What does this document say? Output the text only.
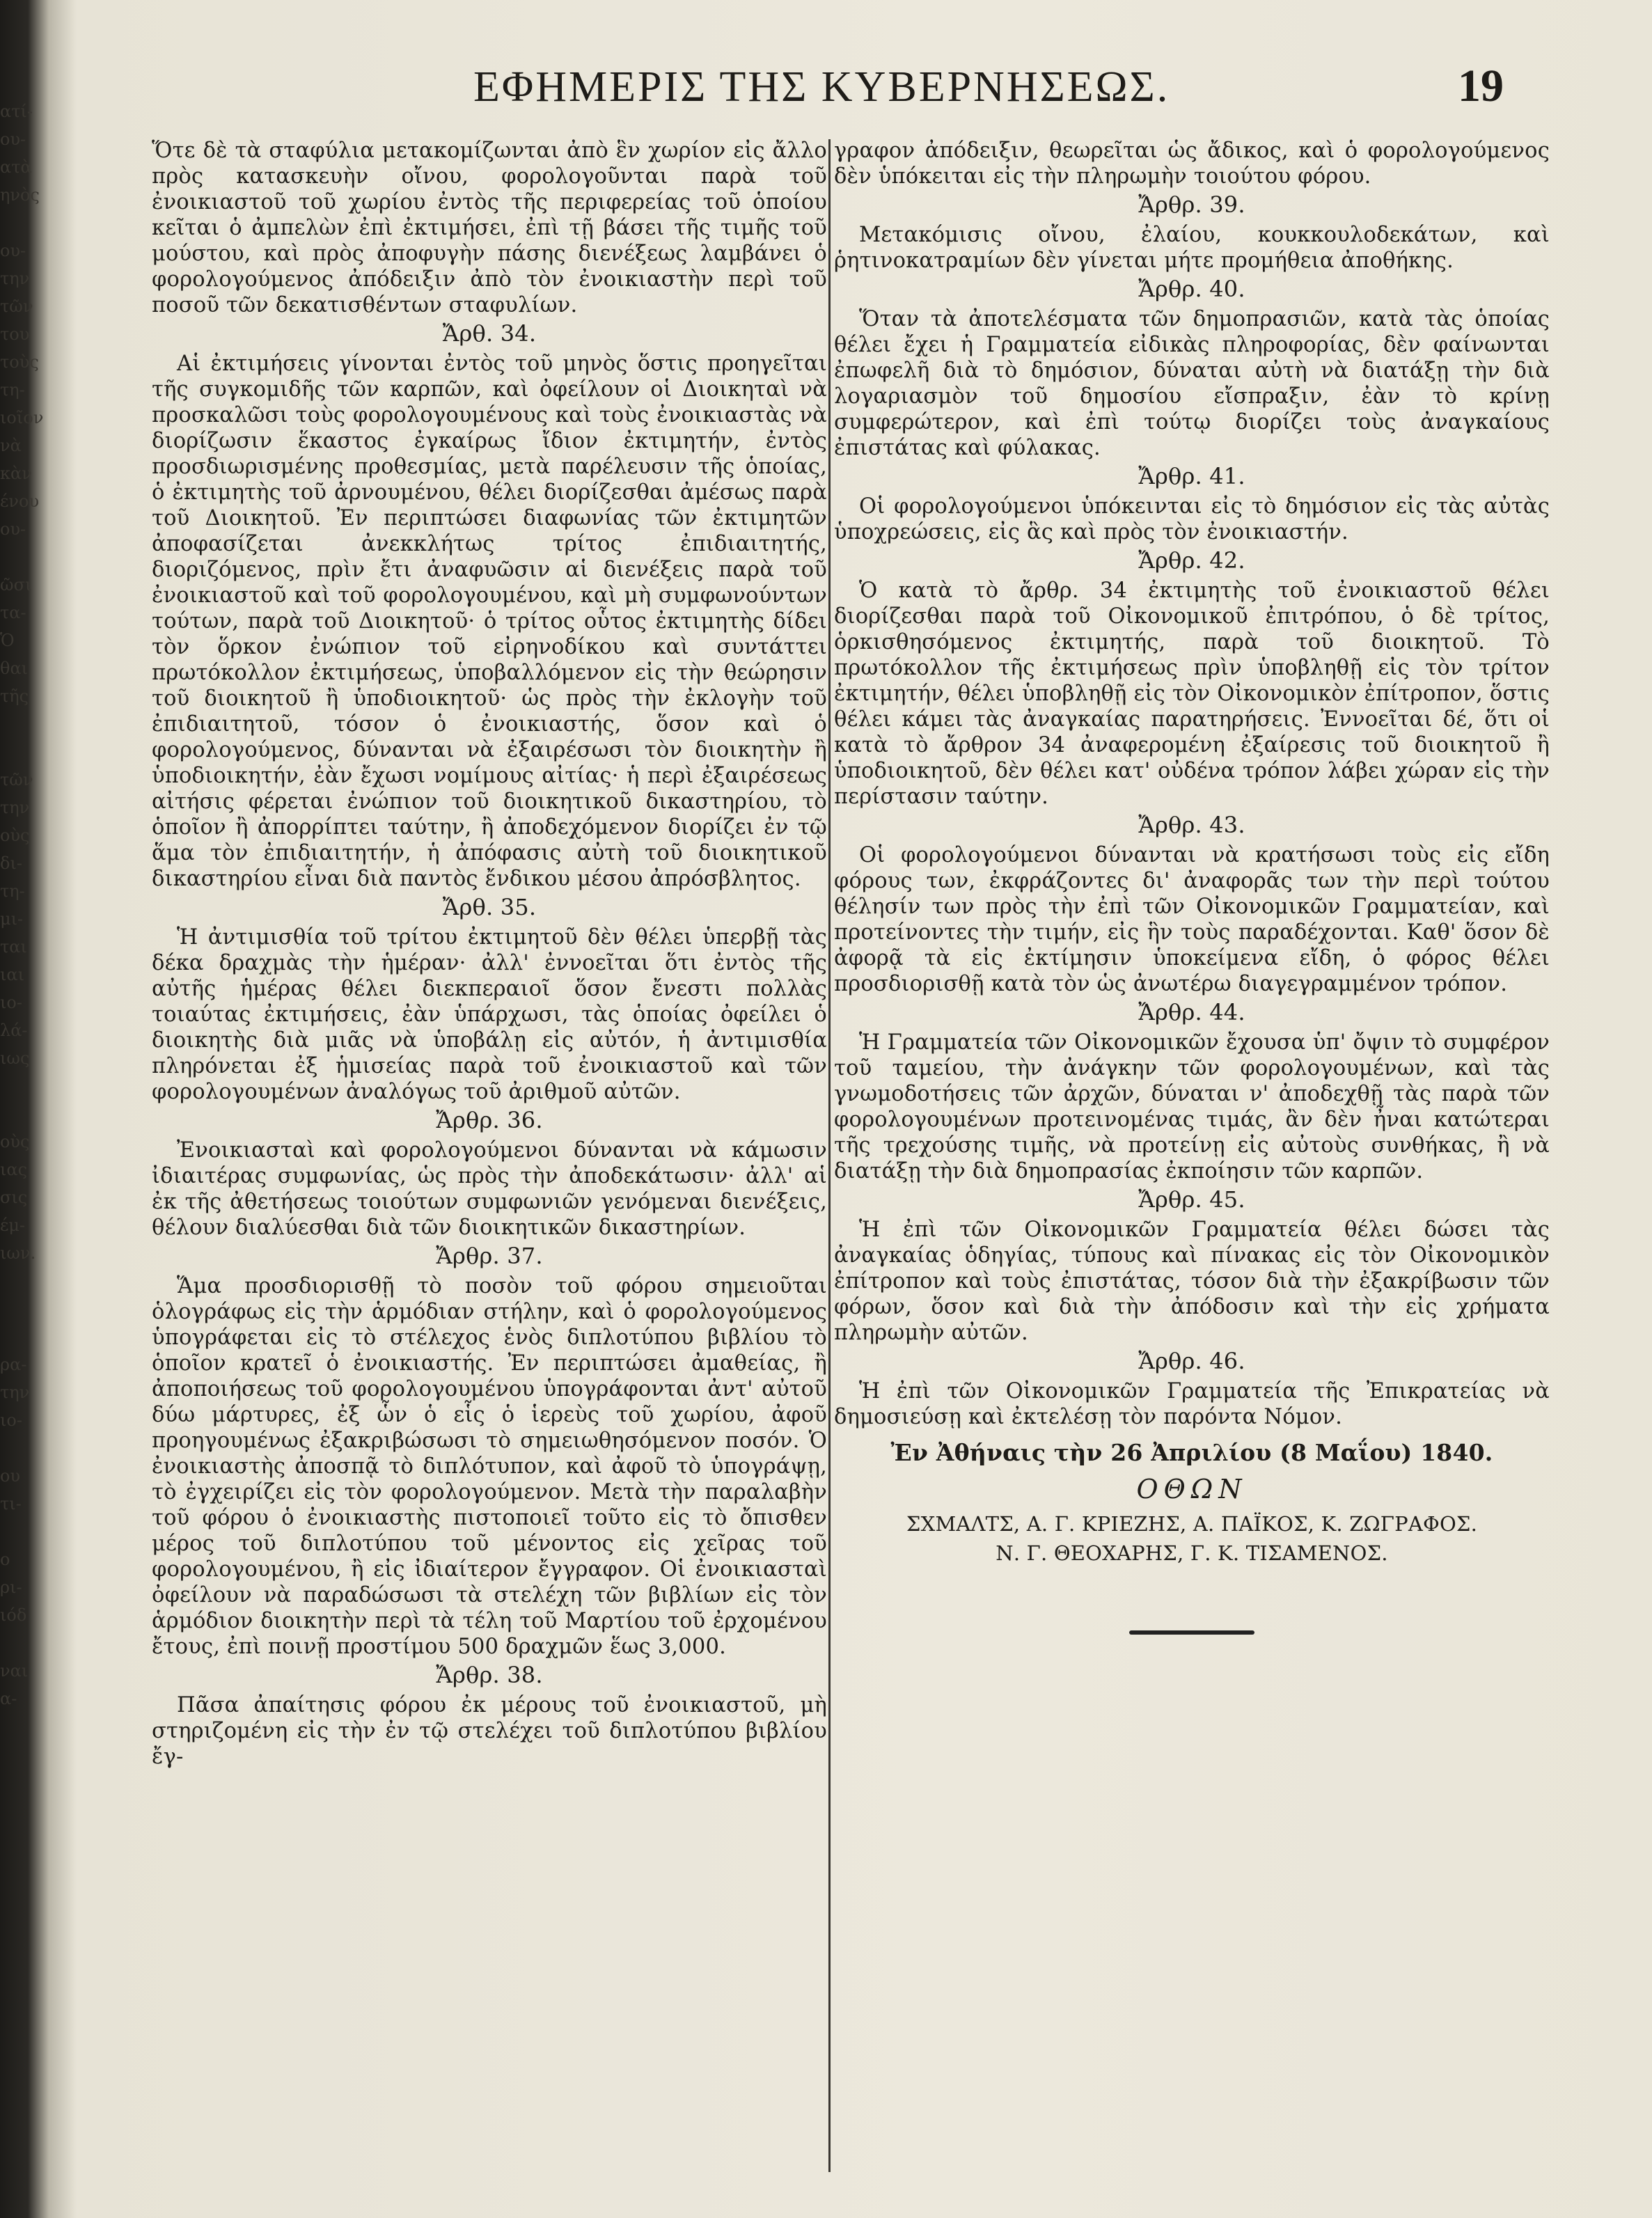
ατί-
ου-
ατὰ
ηνὸς
ου-
την
τῶν
του
τοὺς
τη-
ιοῖον
νὰ
κὰν
ένου
ου-
ῶσι
τα-
Ὁ
θαι
τῆς
τῶν
την
οὺς
δι-
τη-
μι-
ται
ιαι
ιο-
λά-
ιως
οὺς
ιας
σις
έμ-
ιων.
ρα-
την
ιο-
ου
τι-
ο
ρι-
ιόδ
ναι
α-
ΕΦΗΜΕΡΙΣ ΤΗΣ ΚΥΒΕΡΝΗΣΕΩΣ.	19

Ὅτε δὲ τὰ σταφύλια μετακομίζωνται ἀπὸ ἓν χωρίον εἰς ἄλλο πρὸς κατασκευὴν οἴνου, φορολογοῦνται παρὰ τοῦ ἐνοικιαστοῦ τοῦ χωρίου ἐντὸς τῆς περιφερείας τοῦ ὁποίου κεῖται ὁ ἀμπελὼν ἐπὶ ἐκτιμήσει, ἐπὶ τῇ βάσει τῆς τιμῆς τοῦ μούστου, καὶ πρὸς ἀποφυγὴν πάσης διενέξεως λαμβάνει ὁ φορολογούμενος ἀπόδειξιν ἀπὸ τὸν ἐνοικιαστὴν περὶ τοῦ ποσοῦ τῶν δεκατισθέντων σταφυλίων.

Ἄρθ. 34.

Αἱ ἐκτιμήσεις γίνονται ἐντὸς τοῦ μηνὸς ὅστις προηγεῖται τῆς συγκομιδῆς τῶν καρπῶν, καὶ ὀφείλουν οἱ Διοικηταὶ νὰ προσκαλῶσι τοὺς φορολογουμένους καὶ τοὺς ἐνοικιαστὰς νὰ διορίζωσιν ἕκαστος ἐγκαίρως ἴδιον ἐκτιμητήν, ἐντὸς προσδιωρισμένης προθεσμίας, μετὰ παρέλευσιν τῆς ὁποίας, ὁ ἐκτιμητὴς τοῦ ἀρνουμένου, θέλει διορίζεσθαι ἀμέσως παρὰ τοῦ Διοικητοῦ. Ἐν περιπτώσει διαφωνίας τῶν ἐκτιμητῶν ἀποφασίζεται ἀνεκκλήτως τρίτος ἐπιδιαιτητής, διοριζόμενος, πρὶν ἔτι ἀναφυῶσιν αἱ διενέξεις παρὰ τοῦ ἐνοικιαστοῦ καὶ τοῦ φορολογουμένου, καὶ μὴ συμφωνούντων τούτων, παρὰ τοῦ Διοικητοῦ· ὁ τρίτος οὗτος ἐκτιμητὴς δίδει τὸν ὅρκον ἐνώπιον τοῦ εἰρηνοδίκου καὶ συντάττει πρωτόκολλον ἐκτιμήσεως, ὑποβαλλόμενον εἰς τὴν θεώρησιν τοῦ διοικητοῦ ἢ ὑποδιοικητοῦ· ὡς πρὸς τὴν ἐκλογὴν τοῦ ἐπιδιαιτητοῦ, τόσον ὁ ἐνοικιαστής, ὅσον καὶ ὁ φορολογούμενος, δύνανται νὰ ἐξαιρέσωσι τὸν διοικητὴν ἢ ὑποδιοικητήν, ἐὰν ἔχωσι νομίμους αἰτίας· ἡ περὶ ἐξαιρέσεως αἰτήσις φέρεται ἐνώπιον τοῦ διοικητικοῦ δικαστηρίου, τὸ ὁποῖον ἢ ἀπορρίπτει ταύτην, ἢ ἀποδεχόμενον διορίζει ἐν τῷ ἅμα τὸν ἐπιδιαιτητήν, ἡ ἀπόφασις αὐτὴ τοῦ διοικητικοῦ δικαστηρίου εἶναι διὰ παντὸς ἔνδικου μέσου ἀπρόσβλητος.

Ἄρθ. 35.

Ἡ ἀντιμισθία τοῦ τρίτου ἐκτιμητοῦ δὲν θέλει ὑπερβῇ τὰς δέκα δραχμὰς τὴν ἡμέραν· ἀλλ' ἐννοεῖται ὅτι ἐντὸς τῆς αὐτῆς ἡμέρας θέλει διεκπεραιοῖ ὅσον ἔνεστι πολλὰς τοιαύτας ἐκτιμήσεις, ἐὰν ὑπάρχωσι, τὰς ὁποίας ὀφείλει ὁ διοικητὴς διὰ μιᾶς νὰ ὑποβάλῃ εἰς αὐτόν, ἡ ἀντιμισθία πληρόνεται ἐξ ἡμισείας παρὰ τοῦ ἐνοικιαστοῦ καὶ τῶν φορολογουμένων ἀναλόγως τοῦ ἀριθμοῦ αὐτῶν.

Ἄρθρ. 36.

Ἐνοικιασταὶ καὶ φορολογούμενοι δύνανται νὰ κάμωσιν ἰδιαιτέρας συμφωνίας, ὡς πρὸς τὴν ἀποδεκάτωσιν· ἀλλ' αἱ ἐκ τῆς ἀθετήσεως τοιούτων συμφωνιῶν γενόμεναι διενέξεις, θέλουν διαλύεσθαι διὰ τῶν διοικητικῶν δικαστηρίων.

Ἄρθρ. 37.

Ἅμα προσδιορισθῇ τὸ ποσὸν τοῦ φόρου σημειοῦται ὁλογράφως εἰς τὴν ἁρμόδιαν στήλην, καὶ ὁ φορολογούμενος ὑπογράφεται εἰς τὸ στέλεχος ἑνὸς διπλοτύπου βιβλίου τὸ ὁποῖον κρατεῖ ὁ ἐνοικιαστής. Ἐν περιπτώσει ἀμαθείας, ἢ ἀποποιήσεως τοῦ φορολογουμένου ὑπογράφονται ἀντ' αὐτοῦ δύω μάρτυρες, ἐξ ὧν ὁ εἷς ὁ ἱερεὺς τοῦ χωρίου, ἀφοῦ προηγουμένως ἐξακριβώσωσι τὸ σημειωθησόμενον ποσόν. Ὁ ἐνοικιαστὴς ἀποσπᾷ τὸ διπλότυπον, καὶ ἀφοῦ τὸ ὑπογράψῃ, τὸ ἐγχειρίζει εἰς τὸν φορολογούμενον. Μετὰ τὴν παραλαβὴν τοῦ φόρου ὁ ἐνοικιαστὴς πιστοποιεῖ τοῦτο εἰς τὸ ὄπισθεν μέρος τοῦ διπλοτύπου τοῦ μένοντος εἰς χεῖρας τοῦ φορολογουμένου, ἢ εἰς ἰδιαίτερον ἔγγραφον. Οἱ ἐνοικιασταὶ ὀφείλουν νὰ παραδώσωσι τὰ στελέχη τῶν βιβλίων εἰς τὸν ἁρμόδιον διοικητὴν περὶ τὰ τέλη τοῦ Μαρτίου τοῦ ἐρχομένου ἔτους, ἐπὶ ποινῇ προστίμου 500 δραχμῶν ἕως 3,000.

Ἄρθρ. 38.

Πᾶσα ἀπαίτησις φόρου ἐκ μέρους τοῦ ἐνοικιαστοῦ, μὴ στηριζομένη εἰς τὴν ἐν τῷ στελέχει τοῦ διπλοτύπου βιβλίου ἔγ-

γραφον ἀπόδειξιν, θεωρεῖται ὡς ἄδικος, καὶ ὁ φορολογούμενος δὲν ὑπόκειται εἰς τὴν πληρωμὴν τοιούτου φόρου.

Ἄρθρ. 39.

Μετακόμισις οἴνου, ἐλαίου, κουκκουλοδεκάτων, καὶ ῥητινοκατραμίων δὲν γίνεται μήτε προμήθεια ἀποθήκης.

Ἄρθρ. 40.

Ὅταν τὰ ἀποτελέσματα τῶν δημοπρασιῶν, κατὰ τὰς ὁποίας θέλει ἔχει ἡ Γραμματεία εἰδικὰς πληροφορίας, δὲν φαίνωνται ἐπωφελῆ διὰ τὸ δημόσιον, δύναται αὐτὴ νὰ διατάξῃ τὴν διὰ λογαριασμὸν τοῦ δημοσίου εἴσπραξιν, ἐὰν τὸ κρίνῃ συμφερώτερον, καὶ ἐπὶ τούτῳ διορίζει τοὺς ἀναγκαίους ἐπιστάτας καὶ φύλακας.

Ἄρθρ. 41.

Οἱ φορολογούμενοι ὑπόκεινται εἰς τὸ δημόσιον εἰς τὰς αὐτὰς ὑποχρεώσεις, εἰς ἃς καὶ πρὸς τὸν ἐνοικιαστήν.

Ἄρθρ. 42.

Ὁ κατὰ τὸ ἄρθρ. 34 ἐκτιμητὴς τοῦ ἐνοικιαστοῦ θέλει διορίζεσθαι παρὰ τοῦ Οἰκονομικοῦ ἐπιτρόπου, ὁ δὲ τρίτος, ὁρκισθησόμενος ἐκτιμητής, παρὰ τοῦ διοικητοῦ. Τὸ πρωτόκολλον τῆς ἐκτιμήσεως πρὶν ὑποβληθῇ εἰς τὸν τρίτον ἐκτιμητήν, θέλει ὑποβληθῇ εἰς τὸν Οἰκονομικὸν ἐπίτροπον, ὅστις θέλει κάμει τὰς ἀναγκαίας παρατηρήσεις. Ἐννοεῖται δέ, ὅτι οἱ κατὰ τὸ ἄρθρον 34 ἀναφερομένη ἐξαίρεσις τοῦ διοικητοῦ ἢ ὑποδιοικητοῦ, δὲν θέλει κατ' οὐδένα τρόπον λάβει χώραν εἰς τὴν περίστασιν ταύτην.

Ἄρθρ. 43.

Οἱ φορολογούμενοι δύνανται νὰ κρατήσωσι τοὺς εἰς εἴδη φόρους των, ἐκφράζοντες δι' ἀναφορᾶς των τὴν περὶ τούτου θέλησίν των πρὸς τὴν ἐπὶ τῶν Οἰκονομικῶν Γραμματείαν, καὶ προτείνοντες τὴν τιμήν, εἰς ἣν τοὺς παραδέχονται. Καθ' ὅσον δὲ ἀφορᾷ τὰ εἰς ἐκτίμησιν ὑποκείμενα εἴδη, ὁ φόρος θέλει προσδιορισθῇ κατὰ τὸν ὡς ἀνωτέρω διαγεγραμμένον τρόπον.

Ἄρθρ. 44.

Ἡ Γραμματεία τῶν Οἰκονομικῶν ἔχουσα ὑπ' ὄψιν τὸ συμφέρον τοῦ ταμείου, τὴν ἀνάγκην τῶν φορολογουμένων, καὶ τὰς γνωμοδοτήσεις τῶν ἀρχῶν, δύναται ν' ἀποδεχθῇ τὰς παρὰ τῶν φορολογουμένων προτεινομένας τιμάς, ἂν δὲν ἦναι κατώτεραι τῆς τρεχούσης τιμῆς, νὰ προτείνῃ εἰς αὐτοὺς συνθήκας, ἢ νὰ διατάξῃ τὴν διὰ δημοπρασίας ἐκποίησιν τῶν καρπῶν.

Ἄρθρ. 45.

Ἡ ἐπὶ τῶν Οἰκονομικῶν Γραμματεία θέλει δώσει τὰς ἀναγκαίας ὁδηγίας, τύπους καὶ πίνακας εἰς τὸν Οἰκονομικὸν ἐπίτροπον καὶ τοὺς ἐπιστάτας, τόσον διὰ τὴν ἐξακρίβωσιν τῶν φόρων, ὅσον καὶ διὰ τὴν ἀπόδοσιν καὶ τὴν εἰς χρήματα πληρωμὴν αὐτῶν.

Ἄρθρ. 46.

Ἡ ἐπὶ τῶν Οἰκονομικῶν Γραμματεία τῆς Ἐπικρατείας νὰ δημοσιεύσῃ καὶ ἐκτελέσῃ τὸν παρόντα Νόμον.

Ἐν Ἀθήναις τὴν 26 Ἀπριλίου (8 Μαΐου) 1840.
ΟΘΩΝ
ΣΧΜΑΛΤΣ, Α. Γ. ΚΡΙΕΖΗΣ, Α. ΠΑΪΚΟΣ, Κ. ΖΩΓΡΑΦΟΣ.
Ν. Γ. ΘΕΟΧΑΡΗΣ, Γ. Κ. ΤΙΣΑΜΕΝΟΣ.
